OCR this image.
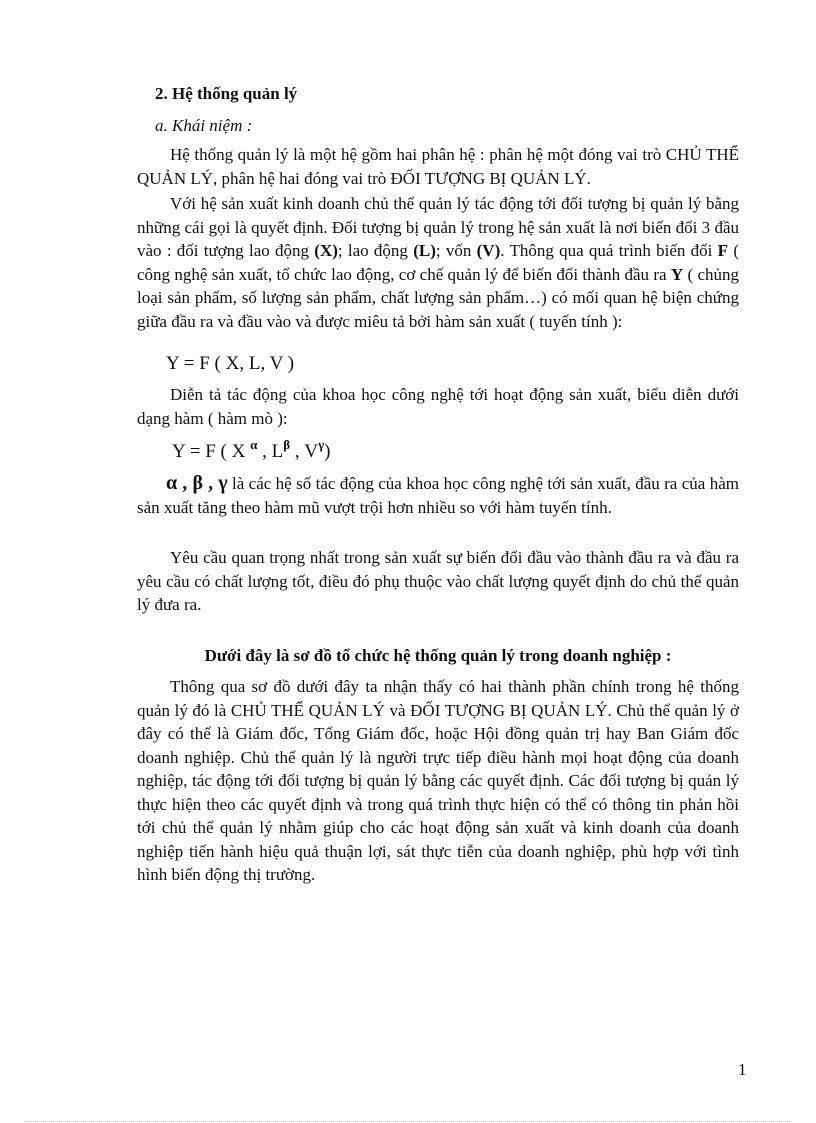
2. Hệ thống quản lý

a. Khái niệm :

Hệ thống quản lý là một hệ gồm hai phân hệ : phân hệ một đóng vai trò CHỦ THỂ QUẢN LÝ, phân hệ hai đóng vai trò ĐỐI TƯỢNG BỊ QUẢN LÝ.

Với hệ sản xuất kinh doanh chủ thể quản lý tác động tới đối tượng bị quản lý bằng những cái gọi là quyết định. Đối tượng bị quản lý trong hệ sản xuất là nơi biến đổi 3 đầu vào : đối tượng lao động (X); lao động (L); vốn (V). Thông qua quá trình biến đổi F ( công nghệ sản xuất, tổ chức lao động, cơ chế quản lý để biến đổi thành đầu ra Y ( chủng loại sản phẩm, số lượng sản phẩm, chất lượng sản phẩm…) có mối quan hệ biện chứng giữa đầu ra và đầu vào và được miêu tả bởi hàm sản xuất ( tuyến tính ):

Y = F ( X, L, V )

Diễn tả tác động của khoa học công nghệ tới hoạt động sản xuất, biểu diễn dưới dạng hàm ( hàm mò ):

Y = F ( X $^\alpha$ , $L^\beta$ , $V^\gamma$)

α , β , γ là các hệ số tác động của khoa học công nghệ tới sản xuất, đầu ra của hàm sản xuất tăng theo hàm mũ vượt trội hơn nhiều so với hàm tuyến tính.

Yêu cầu quan trọng nhất trong sản xuất sự biến đổi đầu vào thành đầu ra và đầu ra yêu cầu có chất lượng tốt, điều đó phụ thuộc vào chất lượng quyết định do chủ thể quản lý đưa ra.

Dưới đây là sơ đồ tổ chức hệ thống quản lý trong doanh nghiệp :

Thông qua sơ đồ dưới đây ta nhận thấy có hai thành phần chính trong hệ thống quản lý đó là CHỦ THỂ QUẢN LÝ và ĐỐI TƯỢNG BỊ QUẢN LÝ. Chủ thể quản lý ở đây có thể là Giám đốc, Tổng Giám đốc, hoặc Hội đồng quản trị hay Ban Giám đốc doanh nghiệp. Chủ thể quản lý là người trực tiếp điều hành mọi hoạt động của doanh nghiệp, tác động tới đối tượng bị quản lý bằng các quyết định. Các đối tượng bị quản lý thực hiện theo các quyết định và trong quá trình thực hiện có thể có thông tin phản hồi tới chủ thể quản lý nhằm giúp cho các hoạt động sản xuất và kinh doanh của doanh nghiệp tiến hành hiệu quả thuận lợi, sát thực tiễn của doanh nghiệp, phù hợp với tình hình biến động thị trường.

1
